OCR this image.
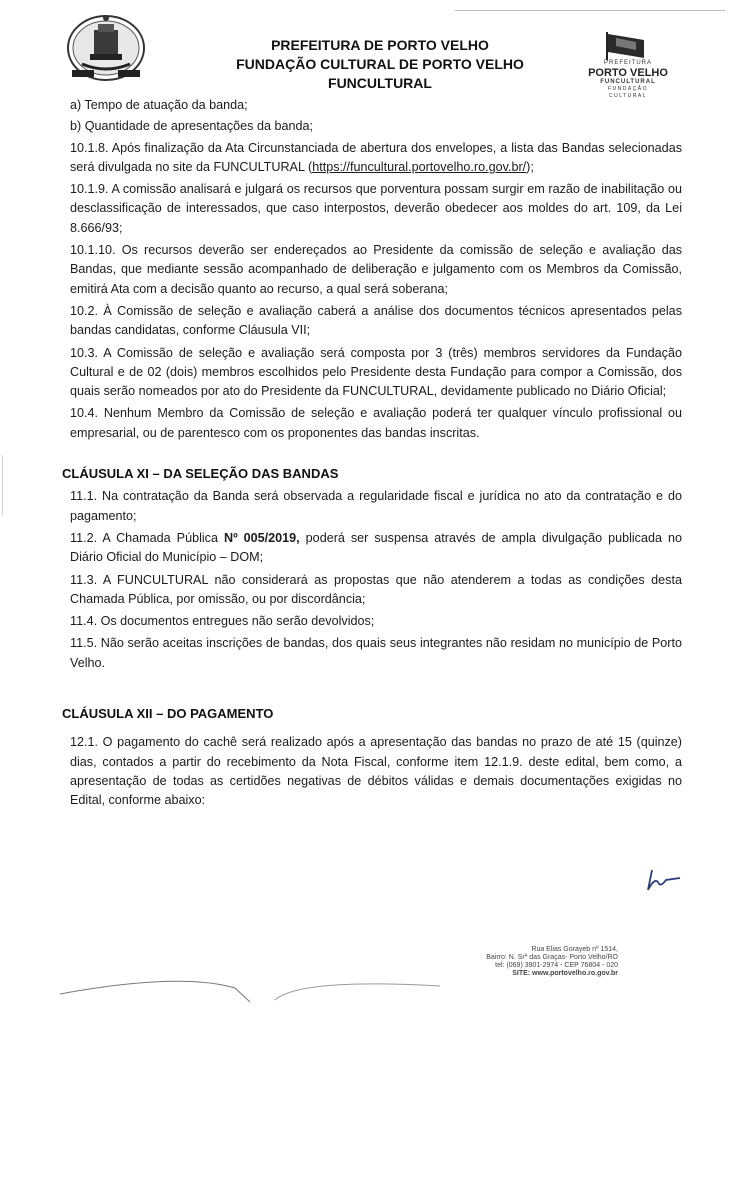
PREFEITURA DE PORTO VELHO
FUNDAÇÃO CULTURAL DE PORTO VELHO
FUNCULTURAL
PREFEITURA
PORTO VELHO
FUNCULTURAL
FUNDAÇÃO
CULTURAL

a) Tempo de atuação da banda;

b) Quantidade de apresentações da banda;

10.1.8. Após finalização da Ata Circunstanciada de abertura dos envelopes, a lista das Bandas selecionadas será divulgada no site da FUNCULTURAL (https://funcultural.portovelho.ro.gov.br/);

10.1.9. A comissão analisará e julgará os recursos que porventura possam surgir em razão de inabilitação ou desclassificação de interessados, que caso interpostos, deverão obedecer aos moldes do art. 109, da Lei 8.666/93;

10.1.10. Os recursos deverão ser endereçados ao Presidente da comissão de seleção e avaliação das Bandas, que mediante sessão acompanhado de deliberação e julgamento com os Membros da Comissão, emitirá Ata com a decisão quanto ao recurso, a qual será soberana;

10.2. À Comissão de seleção e avaliação caberá a análise dos documentos técnicos apresentados pelas bandas candidatas, conforme Cláusula VII;

10.3. A Comissão de seleção e avaliação será composta por 3 (três) membros servidores da Fundação Cultural e de 02 (dois) membros escolhidos pelo Presidente desta Fundação para compor a Comissão, dos quais serão nomeados por ato do Presidente da FUNCULTURAL, devidamente publicado no Diário Oficial;

10.4. Nenhum Membro da Comissão de seleção e avaliação poderá ter qualquer vínculo profissional ou empresarial, ou de parentesco com os proponentes das bandas inscritas.

CLÁUSULA XI – DA SELEÇÃO DAS BANDAS

11.1. Na contratação da Banda será observada a regularidade fiscal e jurídica no ato da contratação e do pagamento;

11.2. A Chamada Pública Nº 005/2019, poderá ser suspensa através de ampla divulgação publicada no Diário Oficial do Município – DOM;

11.3. A FUNCULTURAL não considerará as propostas que não atenderem a todas as condições desta Chamada Pública, por omissão, ou por discordância;

11.4. Os documentos entregues não serão devolvidos;

11.5. Não serão aceitas inscrições de bandas, dos quais seus integrantes não residam no município de Porto Velho.

CLÁUSULA XII – DO PAGAMENTO

12.1. O pagamento do cachê será realizado após a apresentação das bandas no prazo de até 15 (quinze) dias, contados a partir do recebimento da Nota Fiscal, conforme item 12.1.9. deste edital, bem como, a apresentação de todas as certidões negativas de débitos válidas e demais documentações exigidas no Edital, conforme abaixo:

Rua Elias Gorayeb nº 1514,
Bairro: N. Srª das Graças- Porto Velho/RO
tel: (069) 3901-2974 - CEP 76804 - 020
SITE: www.portovelho.ro.gov.br
